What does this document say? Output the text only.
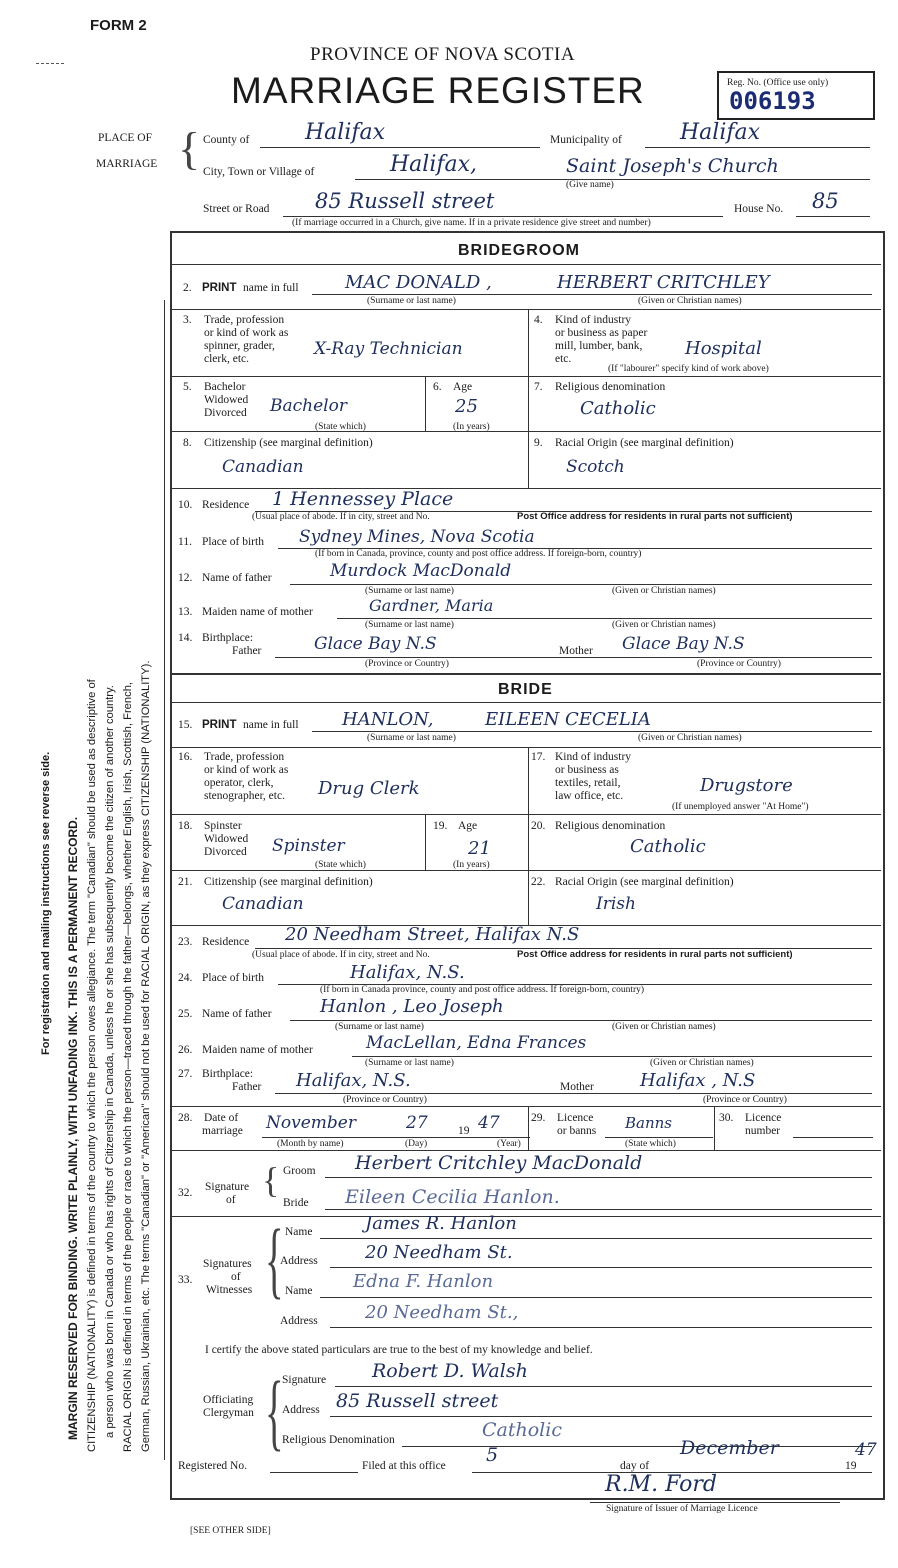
FORM 2
PROVINCE OF NOVA SCOTIA
MARRIAGE REGISTER	Reg. No. (Office use only)
006193
PLACE OF
MARRIAGE { County of	Halifax	Municipality of	Halifax
City, Town or Village of	Halifax,	Saint Joseph's Church
(Give name)
Street or Road 85 Russell street	House No. 85
(If marriage occurred in a Church, give name. If in a private residence give street and number)
For registration and mailing instructions see reverse side. MARGIN RESERVED FOR BINDING. WRITE PLAINLY, WITH UNFADING INK. THIS IS A PERMANENT RECORD. CITIZENSHIP (NATIONALITY) is defined in terms of the country to which the person owes allegiance. The term "Canadian" should be used as descriptive of a person who was born in Canada or who has rights of Citizenship in Canada, unless he or she has subsequently become the citizen of another country. RACIAL ORIGIN is defined in terms of the people or race to which the person—traced through the father—belongs, whether English, Irish, Scottish, French, German, Russian, Ukrainian, etc. The terms "Canadian" or "American" should not be used for RACIAL ORIGIN, as they express CITIZENSHIP (NATIONALITY).
BRIDEGROOM
2. PRINT name in full	MAC DONALD ,	HERBERT CRITCHLEY
(Surname or last name)	(Given or Christian names)
3. Trade, profession
or kind of work as
spinner, grader,
clerk, etc.	X-Ray Technician
4. Kind of industry
or business as paper
mill, lumber, bank,
etc.	Hospital
(If "labourer" specify kind of work above)
5. Bachelor
Widowed
Divorced Bachelor
(State which)
6. Age
25
(In years)
7. Religious denomination
Catholic
8. Citizenship (see marginal definition)
Canadian
9. Racial Origin (see marginal definition)
Scotch
10. Residence 1 Hennessey Place
(Usual place of abode. If in city, street and No.	Post Office address for residents in rural parts not sufficient)
11. Place of birth Sydney Mines, Nova Scotia
(If born in Canada, province, county and post office address. If foreign-born, country)
12. Name of father	Murdock MacDonald
(Surname or last name)	(Given or Christian names)
13. Maiden name of mother	Gardner, Maria
(Surname or last name)	(Given or Christian names)
14. Birthplace:
Father	Glace Bay N.S	Mother Glace Bay N.S
(Province or Country)	(Province or Country)
BRIDE
15. PRINT name in full HANLON,	EILEEN CECELIA
(Surname or last name)	(Given or Christian names)
16. Trade, profession
or kind of work as
operator, clerk,
stenographer, etc. Drug Clerk
17. Kind of industry
or business as
textiles, retail,
law office, etc.	Drugstore
(If unemployed answer "At Home")
18. Spinster
Widowed
Divorced Spinster
(State which)
19. Age
21
(In years)
20. Religious denomination
Catholic
21. Citizenship (see marginal definition)
Canadian
22. Racial Origin (see marginal definition)
Irish
23. Residence 20 Needham Street, Halifax N.S
(Usual place of abode. If in city, street and No.	Post Office address for residents in rural parts not sufficient)
24. Place of birth	Halifax, N.S.
(If born in Canada province, county and post office address. If foreign-born, country)
25. Name of father	Hanlon , Leo Joseph
(Surname or last name)	(Given or Christian names)
26. Maiden name of mother	MacLellan, Edna Frances
(Surname or last name)	(Given or Christian names)
27. Birthplace:
Father Halifax, N.S.	Mother	Halifax , N.S
(Province or Country)	(Province or Country)
28. Date of
marriage November	27	19 47
(Month by name)	(Day)	(Year)
29. Licence
or banns Banns
(State which)
30. Licence
number
{
32. Signature
of
Groom Herbert Critchley MacDonald
Bride Eileen Cecilia Hanlon.
{
33.
Signatures
of
Witnesses
Name	James R. Hanlon
Address	20 Needham St.
Name Edna F. Hanlon
Address	20 Needham St.,
I certify the above stated particulars are true to the best of my knowledge and belief.
{
Officiating
Clergyman
Signature Robert D. Walsh
Address 85 Russell street
Religious Denomination	Catholic
Registered No.	Filed at this office 5	day of
December
19
47
R.M. Ford
Signature of Issuer of Marriage Licence
[SEE OTHER SIDE]
